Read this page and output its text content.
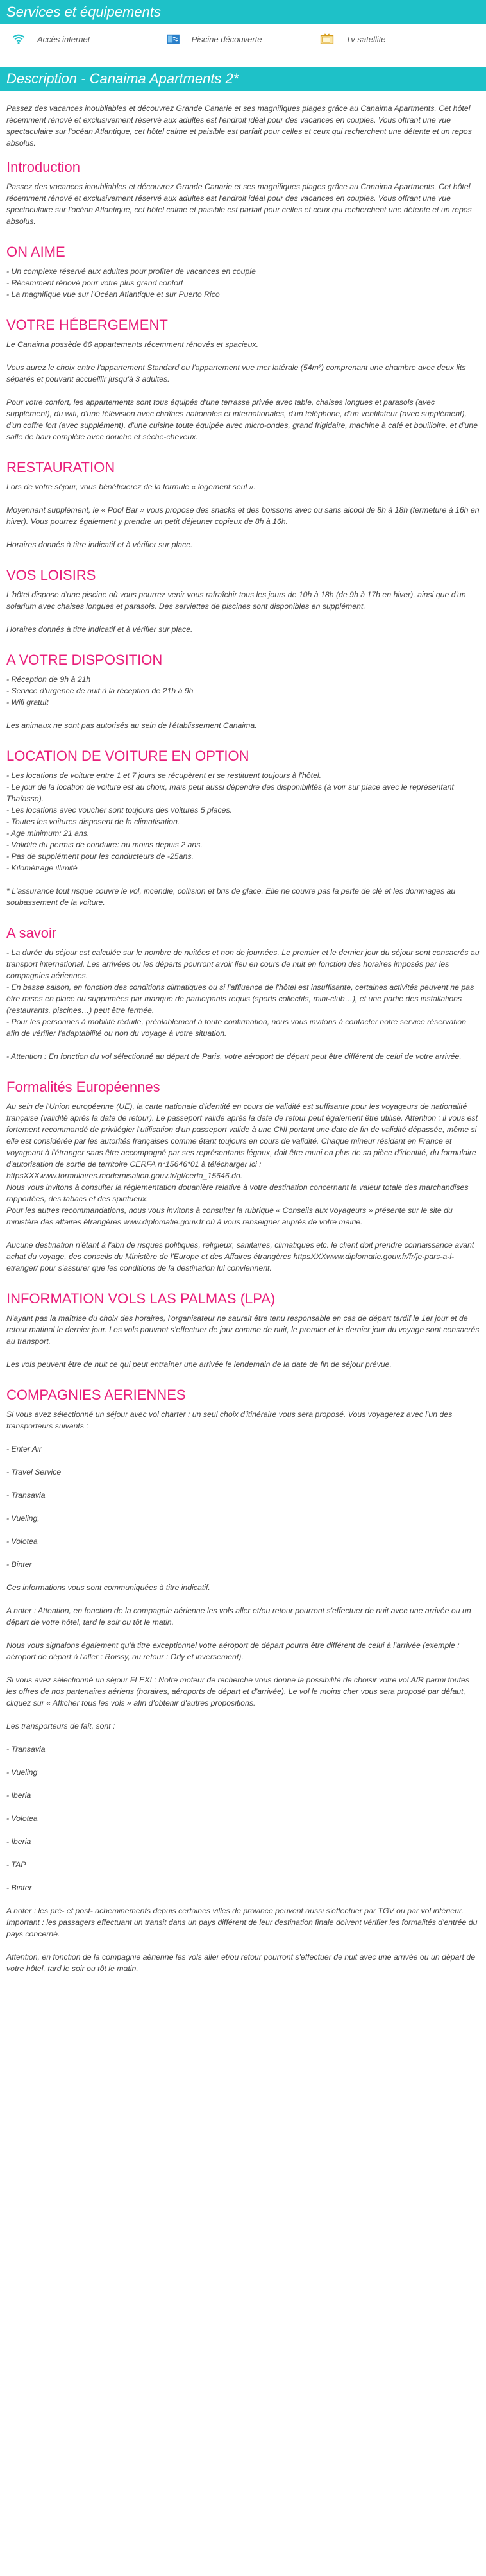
Services et équipements
Accès internet	Piscine découverte	Tv satellite
Description - Canaima Apartments 2*

Passez des vacances inoubliables et découvrez Grande Canarie et ses magnifiques plages grâce au Canaima Apartments. Cet hôtel récemment rénové et exclusivement réservé aux adultes est l'endroit idéal pour des vacances en couples. Vous offrant une vue spectaculaire sur l'océan Atlantique, cet hôtel calme et paisible est parfait pour celles et ceux qui recherchent une détente et un repos absolus.

Introduction

Passez des vacances inoubliables et découvrez Grande Canarie et ses magnifiques plages grâce au Canaima Apartments. Cet hôtel récemment rénové et exclusivement réservé aux adultes est l'endroit idéal pour des vacances en couples. Vous offrant une vue spectaculaire sur l'océan Atlantique, cet hôtel calme et paisible est parfait pour celles et ceux qui recherchent une détente et un repos absolus.

ON AIME

- Un complexe réservé aux adultes pour profiter de vacances en couple
- Récemment rénové pour votre plus grand confort
- La magnifique vue sur l'Océan Atlantique et sur Puerto Rico

VOTRE HÉBERGEMENT

Le Canaima possède 66 appartements récemment rénovés et spacieux.

Vous aurez le choix entre l'appartement Standard ou l'appartement vue mer latérale (54m²) comprenant une chambre avec deux lits séparés et pouvant accueillir jusqu'à 3 adultes.

Pour votre confort, les appartements sont tous équipés d'une terrasse privée avec table, chaises longues et parasols (avec supplément), du wifi, d'une télévision avec chaînes nationales et internationales, d'un téléphone, d'un ventilateur (avec supplément), d'un coffre fort (avec supplément), d'une cuisine toute équipée avec micro-ondes, grand frigidaire, machine à café et bouilloire, et d'une salle de bain complète avec douche et sèche-cheveux.

RESTAURATION

Lors de votre séjour, vous bénéficierez de la formule « logement seul ».

Moyennant supplément, le « Pool Bar » vous propose des snacks et des boissons avec ou sans alcool de 8h à 18h (fermeture à 16h en hiver). Vous pourrez également y prendre un petit déjeuner copieux de 8h à 16h.

Horaires donnés à titre indicatif et à vérifier sur place.

VOS LOISIRS

L'hôtel dispose d'une piscine où vous pourrez venir vous rafraîchir tous les jours de 10h à 18h (de 9h à 17h en hiver), ainsi que d'un solarium avec chaises longues et parasols. Des serviettes de piscines sont disponibles en supplément.

Horaires donnés à titre indicatif et à vérifier sur place.

A VOTRE DISPOSITION

- Réception de 9h à 21h
- Service d'urgence de nuit à la réception de 21h à 9h
- Wifi gratuit

Les animaux ne sont pas autorisés au sein de l'établissement Canaima.

LOCATION DE VOITURE EN OPTION

- Les locations de voiture entre 1 et 7 jours se récupèrent et se restituent toujours à l'hôtel.
- Le jour de la location de voiture est au choix, mais peut aussi dépendre des disponibilités (à voir sur place avec le représentant Thaïasso).
- Les locations avec voucher sont toujours des voitures 5 places.
- Toutes les voitures disposent de la climatisation.
- Age minimum: 21 ans.
- Validité du permis de conduire: au moins depuis 2 ans.
- Pas de supplément pour les conducteurs de -25ans.
- Kilométrage illimité

* L'assurance tout risque couvre le vol, incendie, collision et bris de glace. Elle ne couvre pas la perte de clé et les dommages au soubassement de la voiture.

A savoir

- La durée du séjour est calculée sur le nombre de nuitées et non de journées. Le premier et le dernier jour du séjour sont consacrés au transport international. Les arrivées ou les départs pourront avoir lieu en cours de nuit en fonction des horaires imposés par les compagnies aériennes.
- En basse saison, en fonction des conditions climatiques ou si l'affluence de l'hôtel est insuffisante, certaines activités peuvent ne pas être mises en place ou supprimées par manque de participants requis (sports collectifs, mini-club…), et une partie des installations (restaurants, piscines…) peut être fermée.
- Pour les personnes à mobilité réduite, préalablement à toute confirmation, nous vous invitons à contacter notre service réservation afin de vérifier l'adaptabilité ou non du voyage à votre situation.

- Attention : En fonction du vol sélectionné au départ de Paris, votre aéroport de départ peut être différent de celui de votre arrivée.

Formalités Européennes

Au sein de l'Union européenne (UE), la carte nationale d'identité en cours de validité est suffisante pour les voyageurs de nationalité française (validité après la date de retour). Le passeport valide après la date de retour peut également être utilisé. Attention : il vous est fortement recommandé de privilégier l'utilisation d'un passeport valide à une CNI portant une date de fin de validité dépassée, même si elle est considérée par les autorités françaises comme étant toujours en cours de validité. Chaque mineur résidant en France et voyageant à l'étranger sans être accompagné par ses représentants légaux, doit être muni en plus de sa pièce d'identité, du formulaire d'autorisation de sortie de territoire CERFA n°15646*01 à télécharger ici :
httpsXXXwww.formulaires.modernisation.gouv.fr/gf/cerfa_15646.do.
Nous vous invitons à consulter la réglementation douanière relative à votre destination concernant la valeur totale des marchandises rapportées, des tabacs et des spiritueux.
Pour les autres recommandations, nous vous invitons à consulter la rubrique « Conseils aux voyageurs » présente sur le site du ministère des affaires étrangères www.diplomatie.gouv.fr où à vous renseigner auprès de votre mairie.

Aucune destination n'étant à l'abri de risques politiques, religieux, sanitaires, climatiques etc. le client doit prendre connaissance avant achat du voyage, des conseils du Ministère de l'Europe et des Affaires étrangères httpsXXXwww.diplomatie.gouv.fr/fr/je-pars-a-l-etranger/ pour s'assurer que les conditions de la destination lui conviennent.

INFORMATION VOLS LAS PALMAS (LPA)

N'ayant pas la maîtrise du choix des horaires, l'organisateur ne saurait être tenu responsable en cas de départ tardif le 1er jour et de retour matinal le dernier jour. Les vols pouvant s'effectuer de jour comme de nuit, le premier et le dernier jour du voyage sont consacrés au transport.

Les vols peuvent être de nuit ce qui peut entraîner une arrivée le lendemain de la date de fin de séjour prévue.

COMPAGNIES AERIENNES

Si vous avez sélectionné un séjour avec vol charter : un seul choix d'itinéraire vous sera proposé. Vous voyagerez avec l'un des transporteurs suivants :

- Enter Air

- Travel Service

- Transavia

- Vueling,

- Volotea

- Binter

Ces informations vous sont communiquées à titre indicatif.

A noter : Attention, en fonction de la compagnie aérienne les vols aller et/ou retour pourront s'effectuer de nuit avec une arrivée ou un départ de votre hôtel, tard le soir ou tôt le matin.

Nous vous signalons également qu'à titre exceptionnel votre aéroport de départ pourra être différent de celui à l'arrivée (exemple : aéroport de départ à l'aller : Roissy, au retour : Orly et inversement).

Si vous avez sélectionné un séjour FLEXI : Notre moteur de recherche vous donne la possibilité de choisir votre vol A/R parmi toutes les offres de nos partenaires aériens (horaires, aéroports de départ et d'arrivée). Le vol le moins cher vous sera proposé par défaut, cliquez sur « Afficher tous les vols » afin d'obtenir d'autres propositions.

Les transporteurs de fait, sont :

- Transavia

- Vueling

- Iberia

- Volotea

- Iberia

- TAP

- Binter

A noter : les pré- et post- acheminements depuis certaines villes de province peuvent aussi s'effectuer par TGV ou par vol intérieur. Important : les passagers effectuant un transit dans un pays différent de leur destination finale doivent vérifier les formalités d'entrée du pays concerné.

Attention, en fonction de la compagnie aérienne les vols aller et/ou retour pourront s'effectuer de nuit avec une arrivée ou un départ de votre hôtel, tard le soir ou tôt le matin.
